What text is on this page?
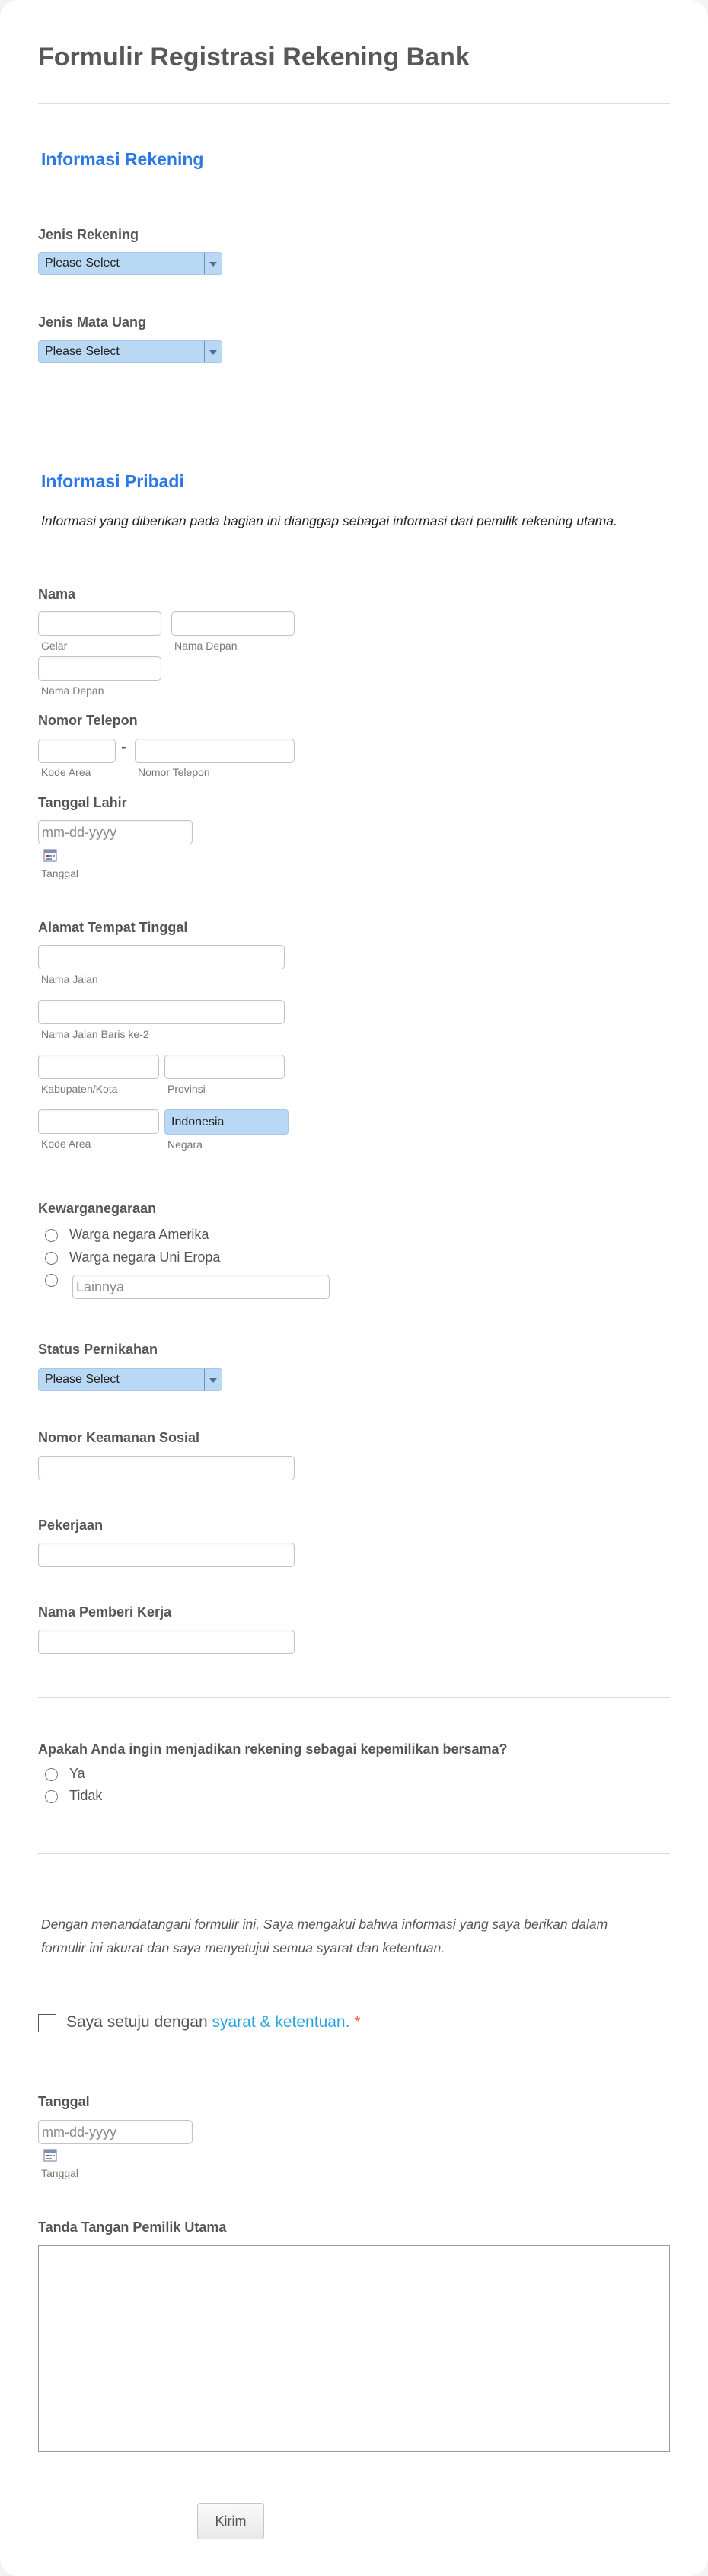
Formulir Registrasi Rekening Bank
Informasi Rekening
Jenis Rekening
Please Select
Jenis Mata Uang
Please Select
Informasi Pribadi
Informasi yang diberikan pada bagian ini dianggap sebagai informasi dari pemilik rekening utama.
Nama
Gelar	Nama Depan
Nama Depan
Nomor Telepon
-
Kode Area	Nomor Telepon
Tanggal Lahir
mm-dd-yyyy
Tanggal
Alamat Tempat Tinggal
Nama Jalan
Nama Jalan Baris ke-2
Kabupaten/Kota	Provinsi
Kode Area
Indonesia
Negara
Kewarganegaraan
Warga negara Amerika
Warga negara Uni Eropa
Lainnya
Status Pernikahan
Please Select
Nomor Keamanan Sosial
Pekerjaan
Nama Pemberi Kerja
Apakah Anda ingin menjadikan rekening sebagai kepemilikan bersama?
Ya
Tidak
Dengan menandatangani formulir ini, Saya mengakui bahwa informasi yang saya berikan dalam
formulir ini akurat dan saya menyetujui semua syarat dan ketentuan.
Saya setuju dengan syarat & ketentuan. *
Tanggal
mm-dd-yyyy
Tanggal
Tanda Tangan Pemilik Utama
Kirim
